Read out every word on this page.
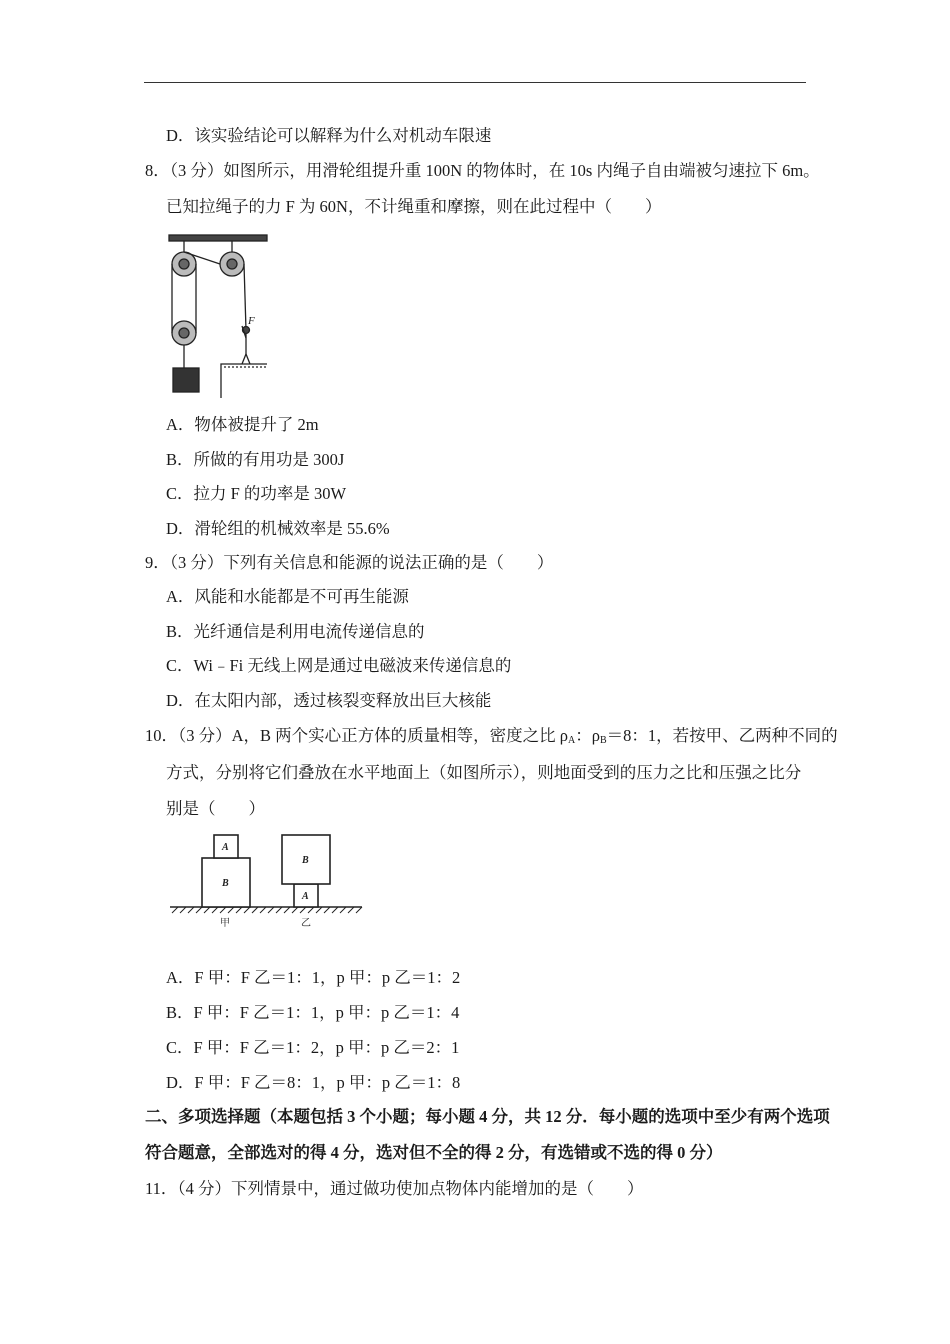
D．该实验结论可以解释为什么对机动车限速
8．（3 分）如图所示，用滑轮组提升重 100N 的物体时，在 10s 内绳子自由端被匀速拉下 6m。
已知拉绳子的力 F 为 60N，不计绳重和摩擦，则在此过程中（　　）
F
A．物体被提升了 2m
B．所做的有用功是 300J
C．拉力 F 的功率是 30W
D．滑轮组的机械效率是 55.6%
9．（3 分）下列有关信息和能源的说法正确的是（　　）
A．风能和水能都是不可再生能源
B．光纤通信是利用电流传递信息的
C．Wi﹣Fi 无线上网是通过电磁波来传递信息的
D．在太阳内部，透过核裂变释放出巨大核能
10．（3 分）A，B 两个实心正方体的质量相等，密度之比 $\rho_A$：$\rho_B=8$：1，若按甲、乙两种不同的
方式，分别将它们叠放在水平地面上（如图所示），则地面受到的压力之比和压强之比分
别是（　　）
A
B
A
B
甲	乙
A．F 甲：F 乙＝1：1，p 甲：p 乙＝1：2
B．F 甲：F 乙＝1：1，p 甲：p 乙＝1：4
C．F 甲：F 乙＝1：2，p 甲：p 乙＝2：1
D．F 甲：F 乙＝8：1，p 甲：p 乙＝1：8
二、多项选择题（本题包括 3 个小题；每小题 4 分，共 12 分．每小题的选项中至少有两个选项
符合题意，全部选对的得 4 分，选对但不全的得 2 分，有选错或不选的得 0 分）
11．（4 分）下列情景中，通过做功使加点物体内能增加的是（　　）
